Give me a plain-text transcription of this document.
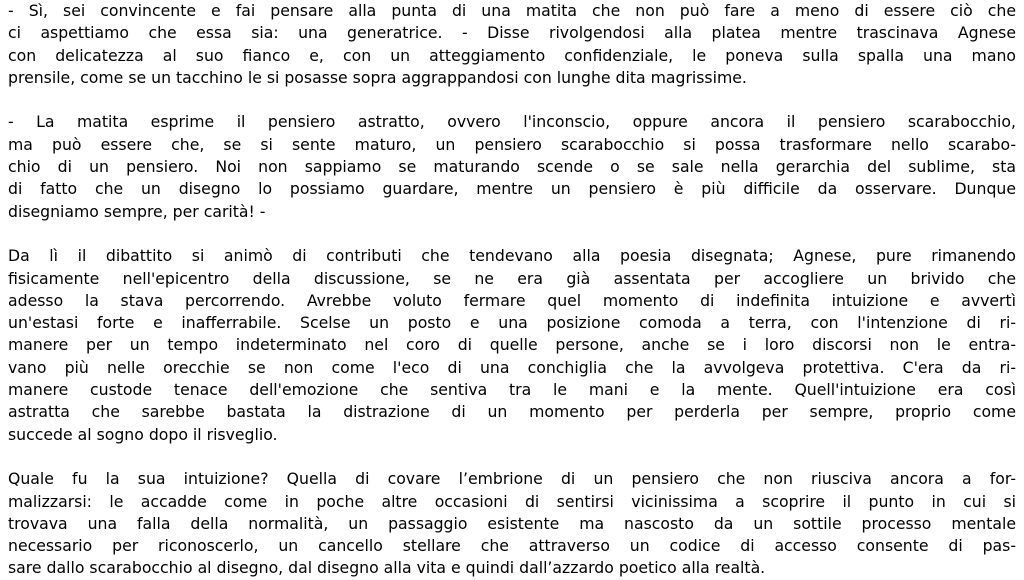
- Sì, sei convincente e fai pensare alla punta di una matita che non può fare a meno di essere ciò che
ci aspettiamo che essa sia: una generatrice. - Disse rivolgendosi alla platea mentre trascinava Agnese
con delicatezza al suo fianco e, con un atteggiamento confidenziale, le poneva sulla spalla una mano
prensile, come se un tacchino le si posasse sopra aggrappandosi con lunghe dita magrissime.

- La matita esprime il pensiero astratto, ovvero l'inconscio, oppure ancora il pensiero scarabocchio,
ma può essere che, se si sente maturo, un pensiero scarabocchio si possa trasformare nello scarabo-
chio di un pensiero. Noi non sappiamo se maturando scende o se sale nella gerarchia del sublime, sta
di fatto che un disegno lo possiamo guardare, mentre un pensiero è più difficile da osservare. Dunque
disegniamo sempre, per carità! -

Da lì il dibattito si animò di contributi che tendevano alla poesia disegnata; Agnese, pure rimanendo
fisicamente nell'epicentro della discussione, se ne era già assentata per accogliere un brivido che
adesso la stava percorrendo. Avrebbe voluto fermare quel momento di indefinita intuizione e avvertì
un'estasi forte e inafferrabile. Scelse un posto e una posizione comoda a terra, con l'intenzione di ri-
manere per un tempo indeterminato nel coro di quelle persone, anche se i loro discorsi non le entra-
vano più nelle orecchie se non come l'eco di una conchiglia che la avvolgeva protettiva. C'era da ri-
manere custode tenace dell'emozione che sentiva tra le mani e la mente. Quell'intuizione era così
astratta che sarebbe bastata la distrazione di un momento per perderla per sempre, proprio come
succede al sogno dopo il risveglio.

Quale fu la sua intuizione? Quella di covare l’embrione di un pensiero che non riusciva ancora a for-
malizzarsi: le accadde come in poche altre occasioni di sentirsi vicinissima a scoprire il punto in cui si
trovava una falla della normalità, un passaggio esistente ma nascosto da un sottile processo mentale
necessario per riconoscerlo, un cancello stellare che attraverso un codice di accesso consente di pas-
sare dallo scarabocchio al disegno, dal disegno alla vita e quindi dall’azzardo poetico alla realtà.
